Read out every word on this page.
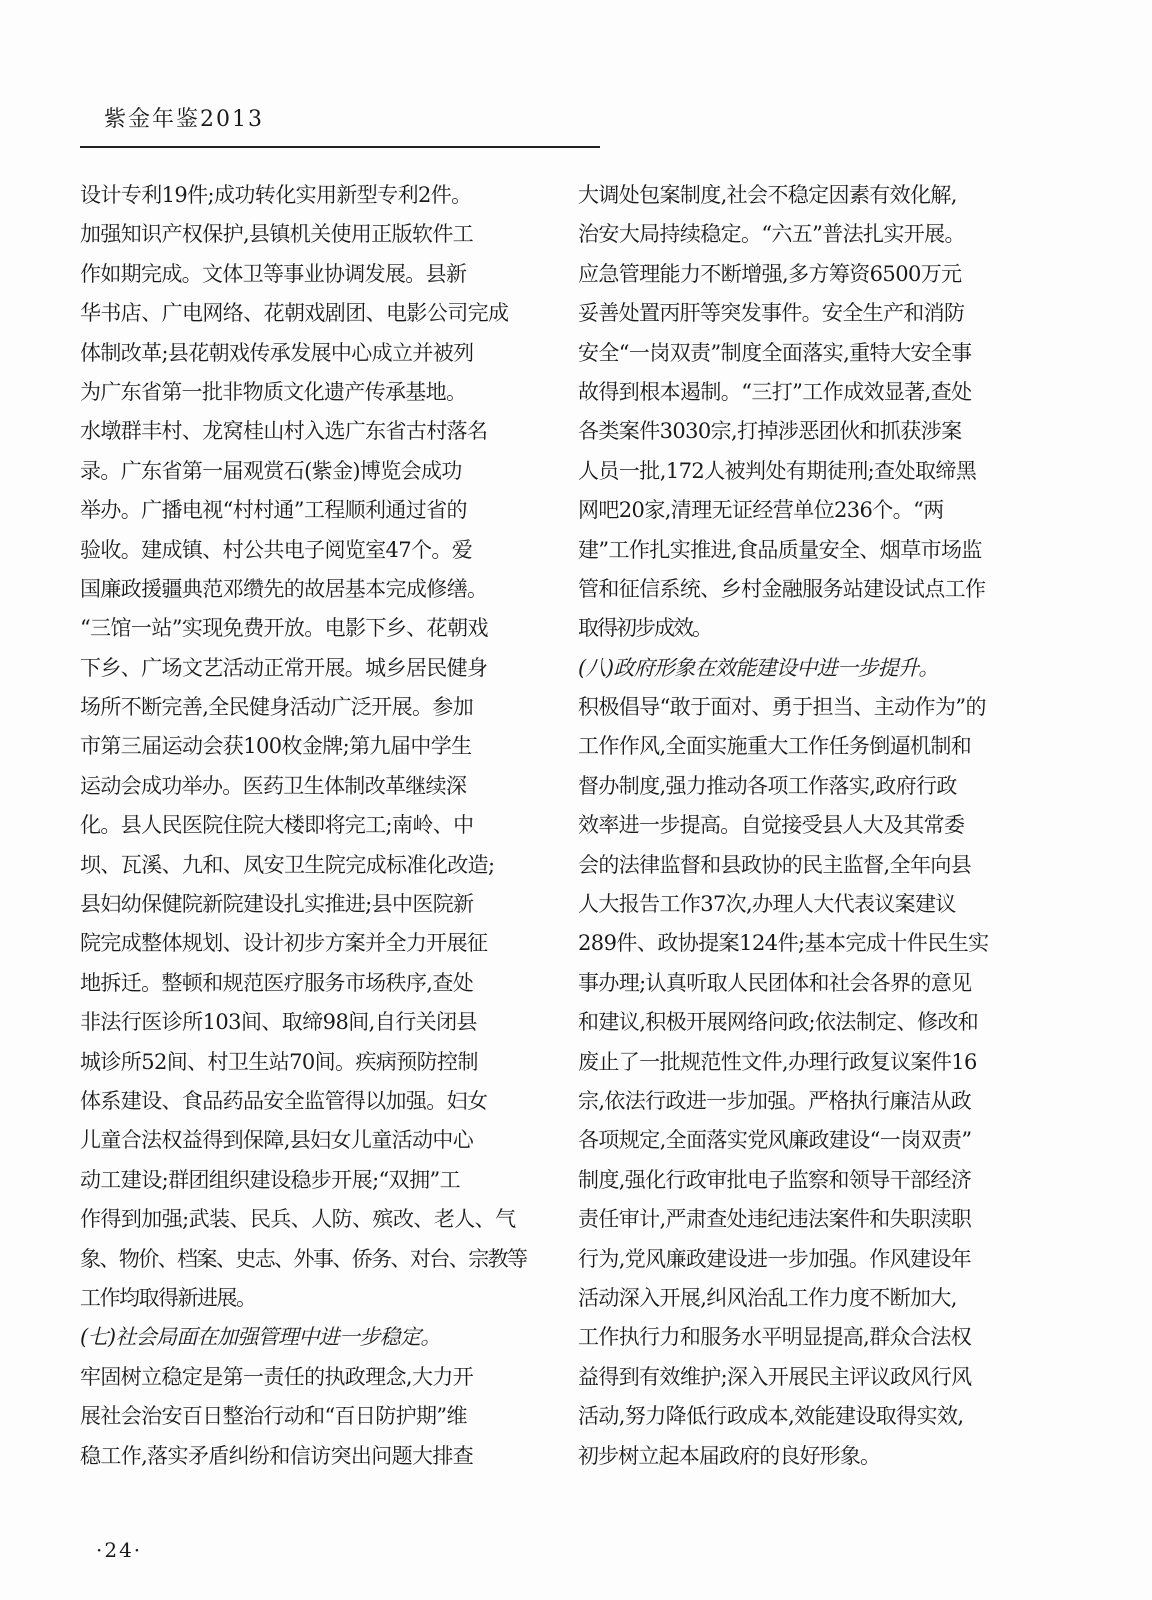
紫金年鉴2013
设计专利19件;成功转化实用新型专利2件。
加强知识产权保护,县镇机关使用正版软件工
作如期完成。文体卫等事业协调发展。县新
华书店、广电网络、花朝戏剧团、电影公司完成
体制改革;县花朝戏传承发展中心成立并被列
为广东省第一批非物质文化遗产传承基地。
水墩群丰村、龙窝桂山村入选广东省古村落名
录。广东省第一届观赏石(紫金)博览会成功
举办。广播电视“村村通”工程顺利通过省的
验收。建成镇、村公共电子阅览室47个。爱
国廉政援疆典范邓缵先的故居基本完成修缮。
“三馆一站”实现免费开放。电影下乡、花朝戏
下乡、广场文艺活动正常开展。城乡居民健身
场所不断完善,全民健身活动广泛开展。参加
市第三届运动会获100枚金牌;第九届中学生
运动会成功举办。医药卫生体制改革继续深
化。县人民医院住院大楼即将完工;南岭、中
坝、瓦溪、九和、凤安卫生院完成标准化改造;
县妇幼保健院新院建设扎实推进;县中医院新
院完成整体规划、设计初步方案并全力开展征
地拆迁。整顿和规范医疗服务市场秩序,查处
非法行医诊所103间、取缔98间,自行关闭县
城诊所52间、村卫生站70间。疾病预防控制
体系建设、食品药品安全监管得以加强。妇女
儿童合法权益得到保障,县妇女儿童活动中心
动工建设;群团组织建设稳步开展;“双拥”工
作得到加强;武装、民兵、人防、殡改、老人、气
象、物价、档案、史志、外事、侨务、对台、宗教等
工作均取得新进展。
(七)社会局面在加强管理中进一步稳定。
牢固树立稳定是第一责任的执政理念,大力开
展社会治安百日整治行动和“百日防护期”维
稳工作,落实矛盾纠纷和信访突出问题大排查
大调处包案制度,社会不稳定因素有效化解,
治安大局持续稳定。“六五”普法扎实开展。
应急管理能力不断增强,多方筹资6500万元
妥善处置丙肝等突发事件。安全生产和消防
安全“一岗双责”制度全面落实,重特大安全事
故得到根本遏制。“三打”工作成效显著,查处
各类案件3030宗,打掉涉恶团伙和抓获涉案
人员一批,172人被判处有期徒刑;查处取缔黑
网吧20家,清理无证经营单位236个。“两
建”工作扎实推进,食品质量安全、烟草市场监
管和征信系统、乡村金融服务站建设试点工作
取得初步成效。
(八)政府形象在效能建设中进一步提升。
积极倡导“敢于面对、勇于担当、主动作为”的
工作作风,全面实施重大工作任务倒逼机制和
督办制度,强力推动各项工作落实,政府行政
效率进一步提高。自觉接受县人大及其常委
会的法律监督和县政协的民主监督,全年向县
人大报告工作37次,办理人大代表议案建议
289件、政协提案124件;基本完成十件民生实
事办理;认真听取人民团体和社会各界的意见
和建议,积极开展网络问政;依法制定、修改和
废止了一批规范性文件,办理行政复议案件16
宗,依法行政进一步加强。严格执行廉洁从政
各项规定,全面落实党风廉政建设“一岗双责”
制度,强化行政审批电子监察和领导干部经济
责任审计,严肃查处违纪违法案件和失职渎职
行为,党风廉政建设进一步加强。作风建设年
活动深入开展,纠风治乱工作力度不断加大,
工作执行力和服务水平明显提高,群众合法权
益得到有效维护;深入开展民主评议政风行风
活动,努力降低行政成本,效能建设取得实效,
初步树立起本届政府的良好形象。
·24·
